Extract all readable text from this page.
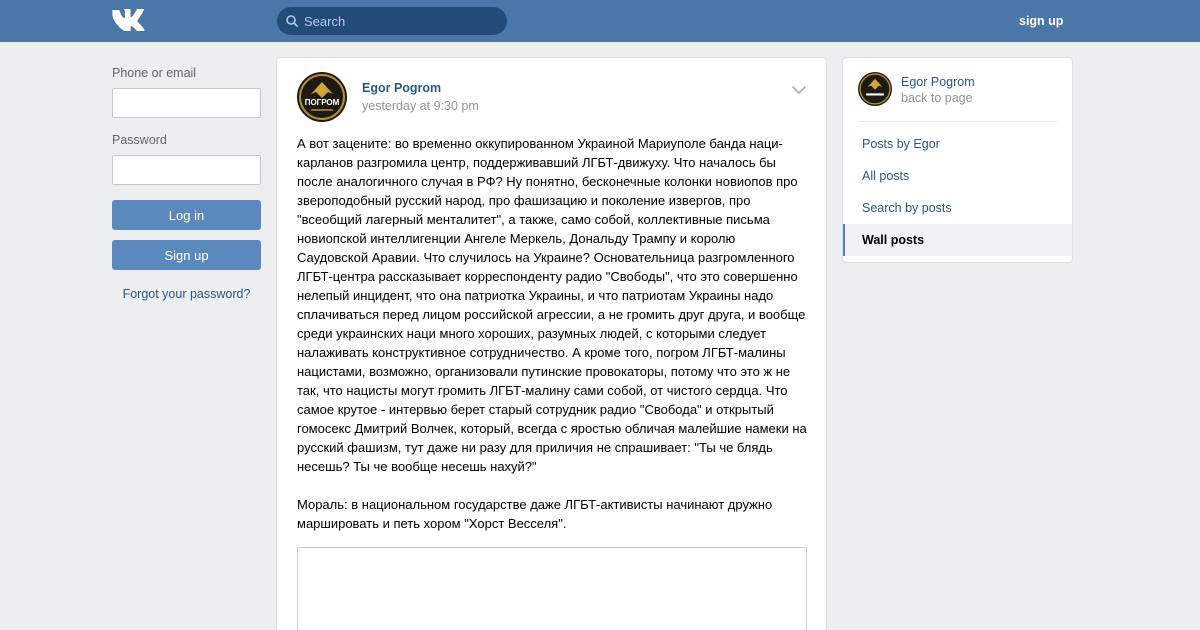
Search
sign up
Phone or email
Password
Log in
Sign up
Forgot your password?
ПОГРОМ
Egor Pogrom
yesterday at 9:30 pm
А вот зацените: во временно оккупированном Украиной Мариуполе банда наци-карланов разгромила центр, поддерживавший ЛГБТ-движуху. Что началось бы после аналогичного случая в РФ? Ну понятно, бесконечные колонки новиопов про звероподобный русский народ, про фашизацию и поколение извергов, про "всеобщий лагерный менталитет", а также, само собой, коллективные письма новиопской интеллигенции Ангеле Меркель, Дональду Трампу и королю Саудовской Аравии. Что случилось на Украине? Основательница разгромленного ЛГБТ-центра рассказывает корреспонденту радио "Свободы", что это совершенно нелепый инцидент, что она патриотка Украины, и что патриотам Украины надо сплачиваться перед лицом российской агрессии, а не громить друг друга, и вообще среди украинских наци много хороших, разумных людей, с которыми следует налаживать конструктивное сотрудничество. А кроме того, погром ЛГБТ-малины нацистами, возможно, организовали путинские провокаторы, потому что это ж не так, что нацисты могут громить ЛГБТ-малину сами собой, от чистого сердца. Что самое крутое - интервью берет старый сотрудник радио "Свобода" и открытый гомосекс Дмитрий Волчек, который, всегда с яростью обличая малейшие намеки на русский фашизм, тут даже ни разу для приличия не спрашивает: "Ты че блядь несешь? Ты че вообще несешь нахуй?"

Мораль: в национальном государстве даже ЛГБТ-активисты начинают дружно маршировать и петь хором "Хорст Весселя".
Egor Pogrom
back to page
Posts by Egor
All posts
Search by posts
Wall posts
